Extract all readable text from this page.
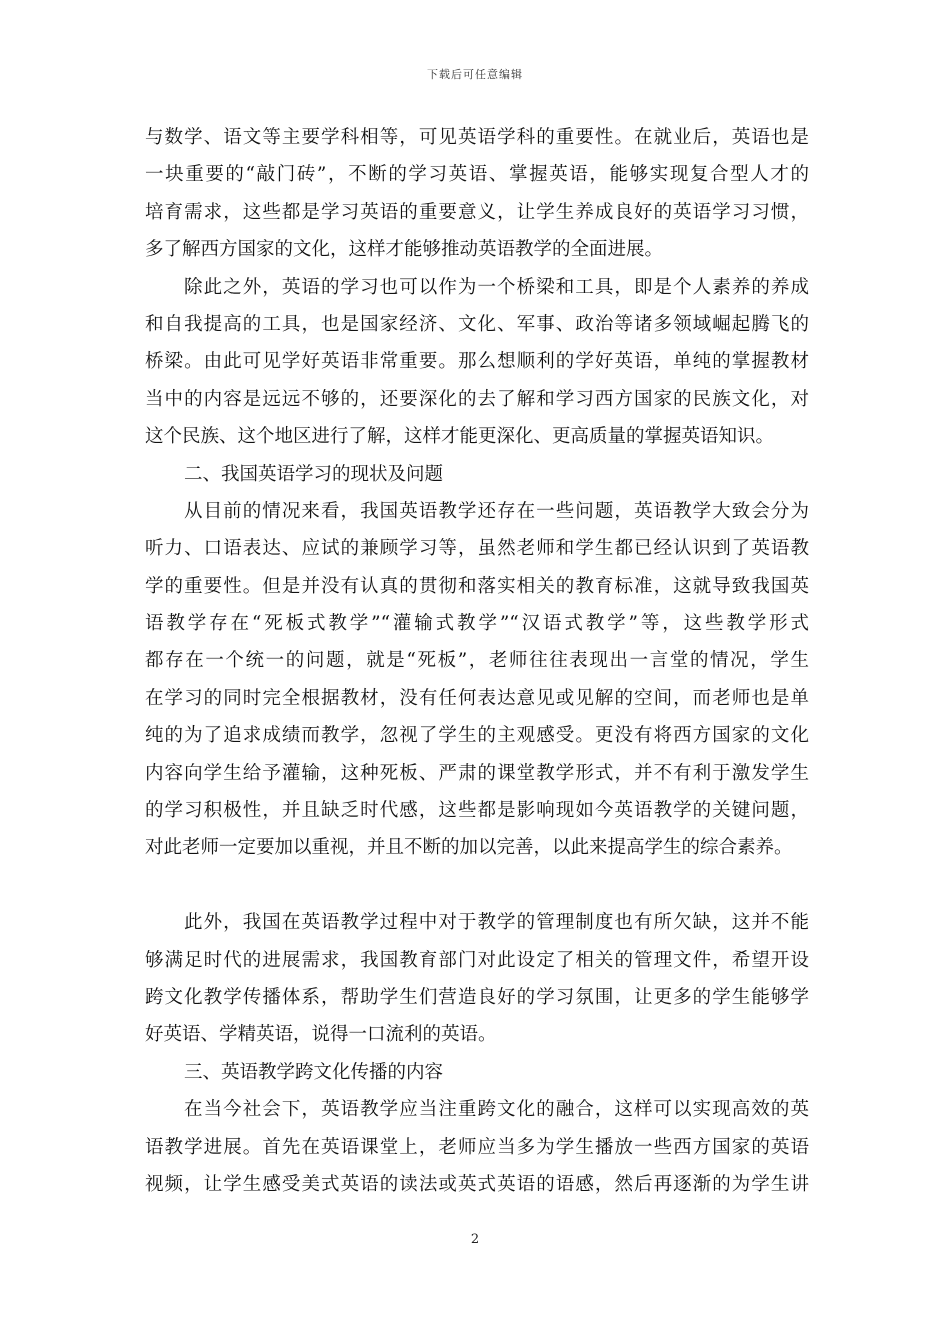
下载后可任意编辑
与数学、语文等主要学科相等，可见英语学科的重要性。在就业后，英语也是
一块重要的“敲门砖”，不断的学习英语、掌握英语，能够实现复合型人才的
培育需求，这些都是学习英语的重要意义，让学生养成良好的英语学习习惯，
多了解西方国家的文化，这样才能够推动英语教学的全面进展。
除此之外，英语的学习也可以作为一个桥梁和工具，即是个人素养的养成
和自我提高的工具，也是国家经济、文化、军事、政治等诸多领域崛起腾飞的
桥梁。由此可见学好英语非常重要。那么想顺利的学好英语，单纯的掌握教材
当中的内容是远远不够的，还要深化的去了解和学习西方国家的民族文化，对
这个民族、这个地区进行了解，这样才能更深化、更高质量的掌握英语知识。
二、我国英语学习的现状及问题
从目前的情况来看，我国英语教学还存在一些问题，英语教学大致会分为
听力、口语表达、应试的兼顾学习等，虽然老师和学生都已经认识到了英语教
学的重要性。但是并没有认真的贯彻和落实相关的教育标准，这就导致我国英
语教学存在“死板式教学”“灌输式教学”“汉语式教学”等，这些教学形式
都存在一个统一的问题，就是“死板”，老师往往表现出一言堂的情况，学生
在学习的同时完全根据教材，没有任何表达意见或见解的空间，而老师也是单
纯的为了追求成绩而教学，忽视了学生的主观感受。更没有将西方国家的文化
内容向学生给予灌输，这种死板、严肃的课堂教学形式，并不有利于激发学生
的学习积极性，并且缺乏时代感，这些都是影响现如今英语教学的关键问题，
对此老师一定要加以重视，并且不断的加以完善，以此来提高学生的综合素养。
此外，我国在英语教学过程中对于教学的管理制度也有所欠缺，这并不能
够满足时代的进展需求，我国教育部门对此设定了相关的管理文件，希望开设
跨文化教学传播体系，帮助学生们营造良好的学习氛围，让更多的学生能够学
好英语、学精英语，说得一口流利的英语。
三、英语教学跨文化传播的内容
在当今社会下，英语教学应当注重跨文化的融合，这样可以实现高效的英
语教学进展。首先在英语课堂上，老师应当多为学生播放一些西方国家的英语
视频，让学生感受美式英语的读法或英式英语的语感，然后再逐渐的为学生讲
2
